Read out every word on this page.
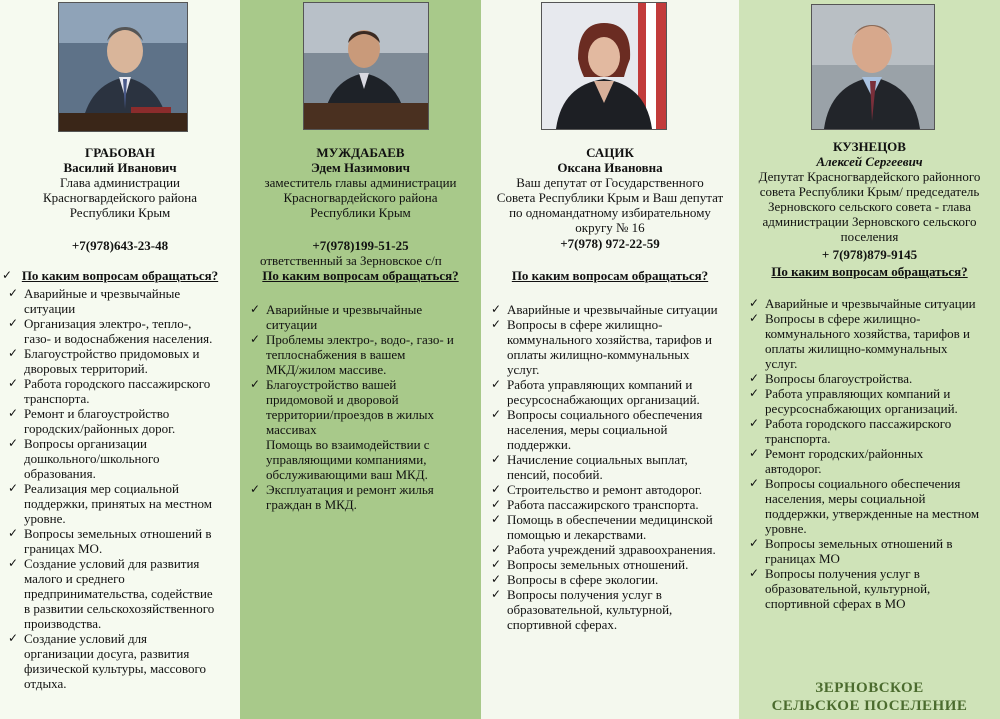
ГРАБОВАН
Василий Иванович
Глава администрации
Красногвардейского района
Республики Крым
+7(978)643-23-48
По каким вопросам обращаться?
✓
✓ Аварийные и чрезвычайные
ситуации
✓ Организация электро-, тепло-,
газо- и водоснабжения населения.
✓ Благоустройство придомовых и
дворовых территорий.
✓ Работа городского пассажирского
транспорта.
✓ Ремонт и благоустройство
городских/районных дорог.
✓ Вопросы организации
дошкольного/школьного
образования.
✓ Реализация мер социальной
поддержки, принятых на местном
уровне.
✓ Вопросы земельных отношений в
границах МО.
✓ Создание условий для развития
малого и среднего
предпринимательства, содействие
в развитии сельскохозяйственного
производства.
✓ Создание условий для
организации досуга, развития
физической культуры, массового
отдыха.
МУЖДАБАЕВ
Эдем Назимович
заместитель главы администрации
Красногвардейского района
Республики Крым
+7(978)199-51-25
ответственный за Зерновское с/п
По каким вопросам обращаться?
✓ Аварийные и чрезвычайные
ситуации
✓ Проблемы электро-, водо-, газо- и
теплоснабжения в вашем
МКД/жилом массиве.
✓ Благоустройство вашей
придомовой и дворовой
территории/проездов в жилых
массивах
Помощь во взаимодействии с
управляющими компаниями,
обслуживающими ваш МКД.
✓ Эксплуатация и ремонт жилья
граждан в МКД.
САЦИК
Оксана Ивановна
Ваш депутат от Государственного
Совета Республики Крым и Ваш депутат
по одномандатному избирательному
округу № 16
+7(978) 972-22-59
По каким вопросам обращаться?
✓ Аварийные и чрезвычайные ситуации
✓ Вопросы в сфере жилищно-
коммунального хозяйства, тарифов и
оплаты жилищно-коммунальных
услуг.
✓ Работа управляющих компаний и
ресурсоснабжающих организаций.
✓ Вопросы социального обеспечения
населения, меры социальной
поддержки.
✓ Начисление социальных выплат,
пенсий, пособий.
✓ Строительство и ремонт автодорог.
✓ Работа пассажирского транспорта.
✓ Помощь в обеспечении медицинской
помощью и лекарствами.
✓ Работа учреждений здравоохранения.
✓ Вопросы земельных отношений.
✓ Вопросы в сфере экологии.
✓ Вопросы получения услуг в
образовательной, культурной,
спортивной сферах.
КУЗНЕЦОВ
Алексей Сергеевич
Депутат Красногвардейского районного
совета Республики Крым/ председатель
Зерновского сельского совета - глава
администрации Зерновского сельского
поселения
+ 7(978)879-9145
По каким вопросам обращаться?
✓ Аварийные и чрезвычайные ситуации
✓ Вопросы в сфере жилищно-
коммунального хозяйства, тарифов и
оплаты жилищно-коммунальных
услуг.
✓ Вопросы благоустройства.
✓ Работа управляющих компаний и
ресурсоснабжающих организаций.
✓ Работа городского пассажирского
транспорта.
✓ Ремонт городских/районных
автодорог.
✓ Вопросы социального обеспечения
населения, меры социальной
поддержки, утвержденные на местном
уровне.
✓ Вопросы земельных отношений в
границах МО
✓ Вопросы получения услуг в
образовательной, культурной,
спортивной сферах в МО
ЗЕРНОВСКОЕ
СЕЛЬСКОЕ ПОСЕЛЕНИЕ
